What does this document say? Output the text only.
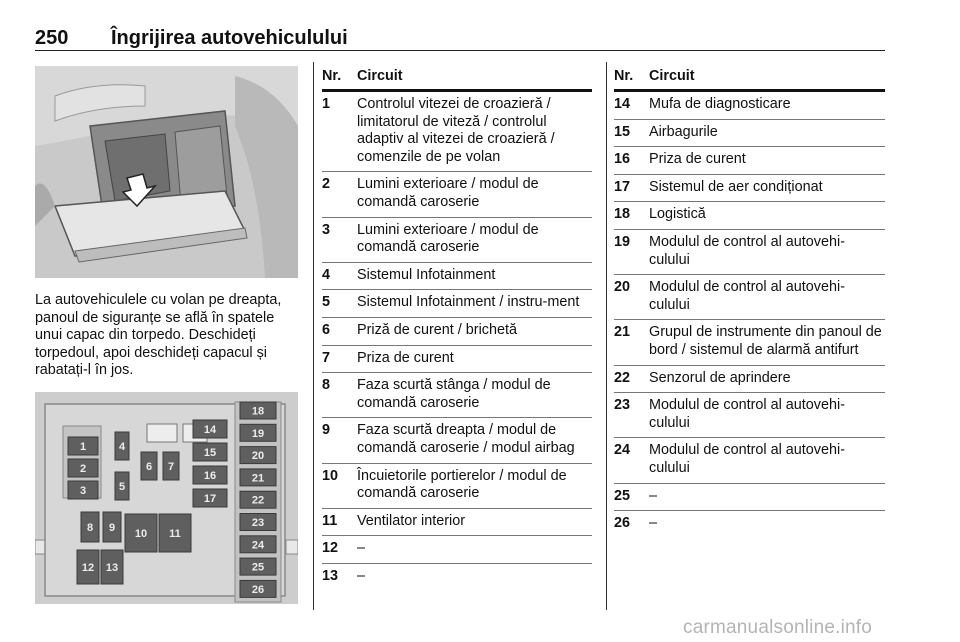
250 Îngrijirea autovehiculului
La autovehiculele cu volan pe dreapta, panoul de siguranțe se află în spatele unui capac din torpedo. Deschideți torpedoul, apoi deschideți capacul și rabatați-l în jos.
1
2
3
4
5
6 7
8 9 10 11
12 13
14
15
16
17
18
19
20
21
22
23
24
25
26
Nr. Circuit
1 Controlul vitezei de croazieră / limitatorul de viteză / controlul adaptiv al vitezei de croazieră / comenzile de pe volan
2 Lumini exterioare / modul de comandă caroserie
3 Lumini exterioare / modul de comandă caroserie
4 Sistemul Infotainment
5 Sistemul Infotainment / instru-ment
6 Priză de curent / brichetă
7 Priza de curent
8 Faza scurtă stânga / modul de comandă caroserie
9 Faza scurtă dreapta / modul de comandă caroserie / modul airbag
10 Încuietorile portierelor / modul de comandă caroserie
11 Ventilator interior
12 –
13 –
Nr. Circuit
14 Mufa de diagnosticare
15 Airbagurile
16 Priza de curent
17 Sistemul de aer condiționat
18 Logistică
19 Modulul de control al autovehi-culului
20 Modulul de control al autovehi-culului
21 Grupul de instrumente din panoul de bord / sistemul de alarmă antifurt
22 Senzorul de aprindere
23 Modulul de control al autovehi-culului
24 Modulul de control al autovehi-culului
25 –
26 –
carmanualsonline.info
